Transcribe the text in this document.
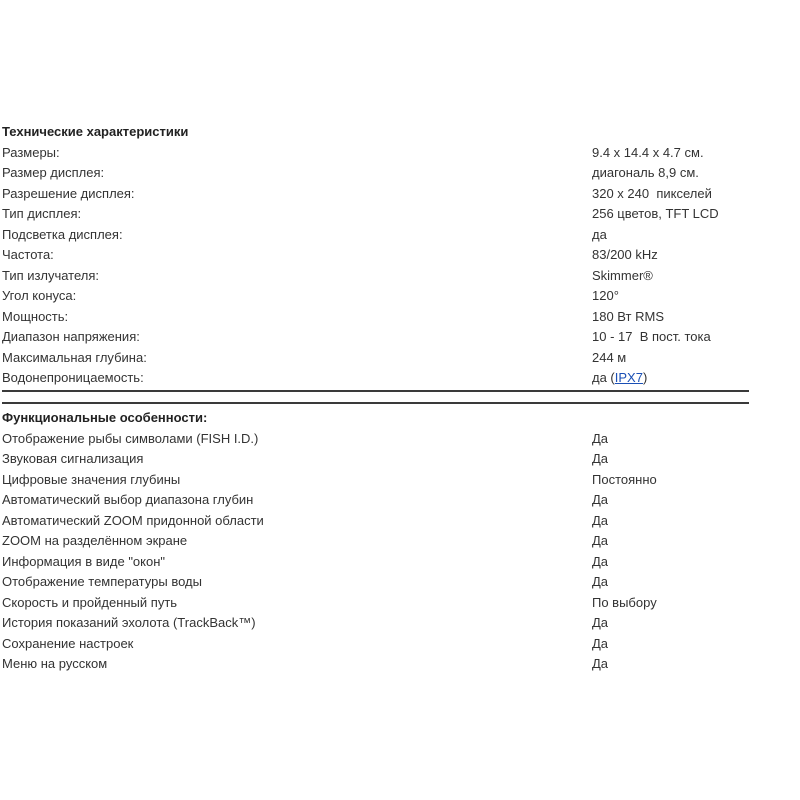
Технические характеристики
Размеры:	9.4 x 14.4 x 4.7 см.
Размер дисплея:	диагональ 8,9 см.
Разрешение дисплея:	320 x 240  пикселей
Тип дисплея:	256 цветов, TFT LCD
Подсветка дисплея:	да
Частота:	83/200 kHz
Тип излучателя:	Skimmer®
Угол конуса:	120°
Мощность:	180 Вт RMS
Диапазон напряжения:	10 - 17  В пост. тока
Максимальная глубина:	244 м
Водонепроницаемость:	да (IPX7)
Функциональные особенности:
Отображение рыбы символами (FISH I.D.)	Да
Звуковая сигнализация	Да
Цифровые значения глубины	Постоянно
Автоматический выбор диапазона глубин	Да
Автоматический ZOOM придонной области	Да
ZOOM на разделённом экране	Да
Информация в виде "окон"	Да
Отображение температуры воды	Да
Скорость и пройденный путь	По выбору
История показаний эхолота (TrackBack™)	Да
Сохранение настроек	Да
Меню на русском	Да
